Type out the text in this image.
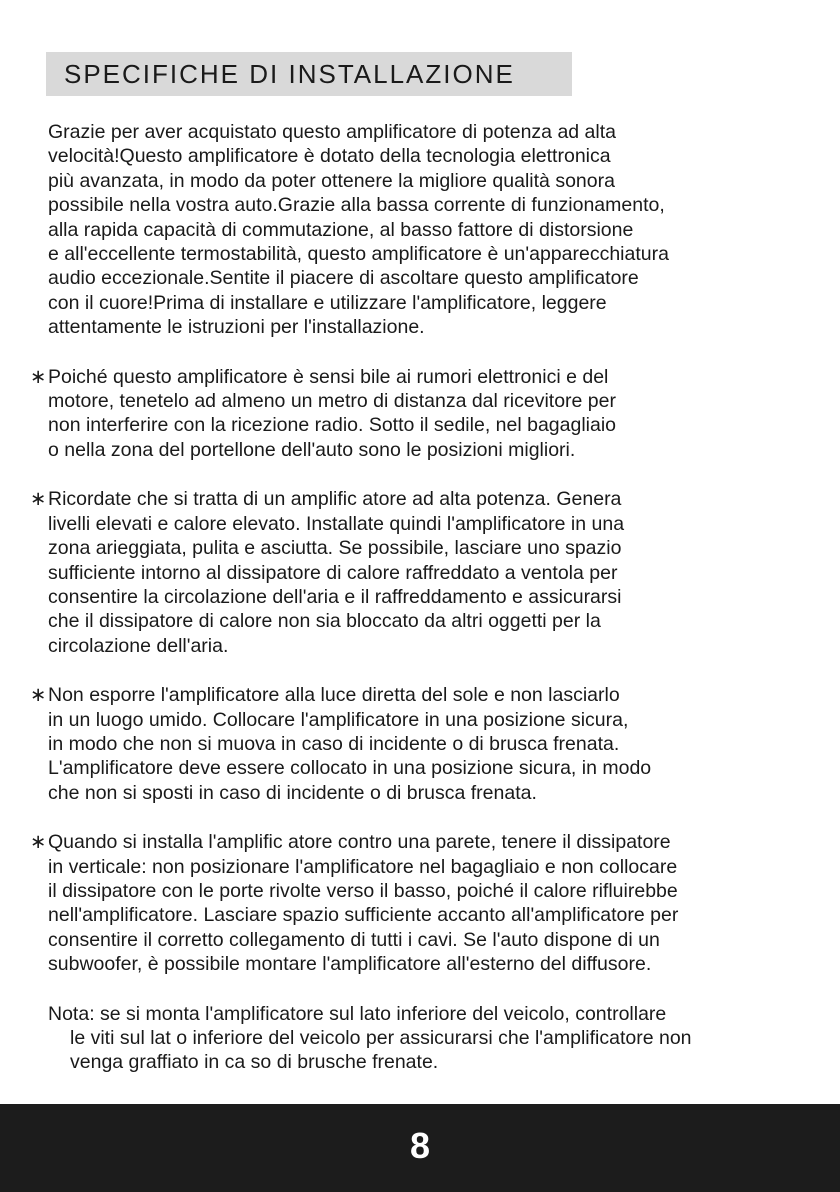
SPECIFICHE DI INSTALLAZIONE
Grazie per aver acquistato questo amplificatore di potenza ad alta
velocità!Questo amplificatore è dotato della tecnologia elettronica
più avanzata, in modo da poter ottenere la migliore qualità sonora
possibile nella vostra auto.Grazie alla bassa corrente di funzionamento,
alla rapida capacità di commutazione, al basso fattore di distorsione
e all'eccellente termostabilità, questo amplificatore è un'apparecchiatura
audio eccezionale.Sentite il piacere di ascoltare questo amplificatore
con il cuore!Prima di installare e utilizzare l'amplificatore, leggere
attentamente le istruzioni per l'installazione.
∗ Poiché questo amplificatore è sensi bile ai rumori elettronici e del
motore, tenetelo ad almeno un metro di distanza dal ricevitore per
non interferire con la ricezione radio. Sotto il sedile, nel bagagliaio
o nella zona del portellone dell'auto sono le posizioni migliori.
∗ Ricordate che si tratta di un amplific atore ad alta potenza. Genera
livelli elevati e calore elevato. Installate quindi l'amplificatore in una
zona arieggiata, pulita e asciutta. Se possibile, lasciare uno spazio
sufficiente intorno al dissipatore di calore raffreddato a ventola per
consentire la circolazione dell'aria e il raffreddamento e assicurarsi
che il dissipatore di calore non sia bloccato da altri oggetti per la
circolazione dell'aria.
∗ Non esporre l'amplificatore alla luce diretta del sole e non lasciarlo
in un luogo umido. Collocare l'amplificatore in una posizione sicura,
in modo che non si muova in caso di incidente o di brusca frenata.
L'amplificatore deve essere collocato in una posizione sicura, in modo
che non si sposti in caso di incidente o di brusca frenata.
∗ Quando si installa l'amplific atore contro una parete, tenere il dissipatore
in verticale: non posizionare l'amplificatore nel bagagliaio e non collocare
il dissipatore con le porte rivolte verso il basso, poiché il calore rifluirebbe
nell'amplificatore. Lasciare spazio sufficiente accanto all'amplificatore per
consentire il corretto collegamento di tutti i cavi. Se l'auto dispone di un
subwoofer, è possibile montare l'amplificatore all'esterno del diffusore.
Nota: se si monta l'amplificatore sul lato inferiore del veicolo, controllare
le viti sul lat o inferiore del veicolo per assicurarsi che l'amplificatore non
venga graffiato in ca so di brusche frenate.
8
